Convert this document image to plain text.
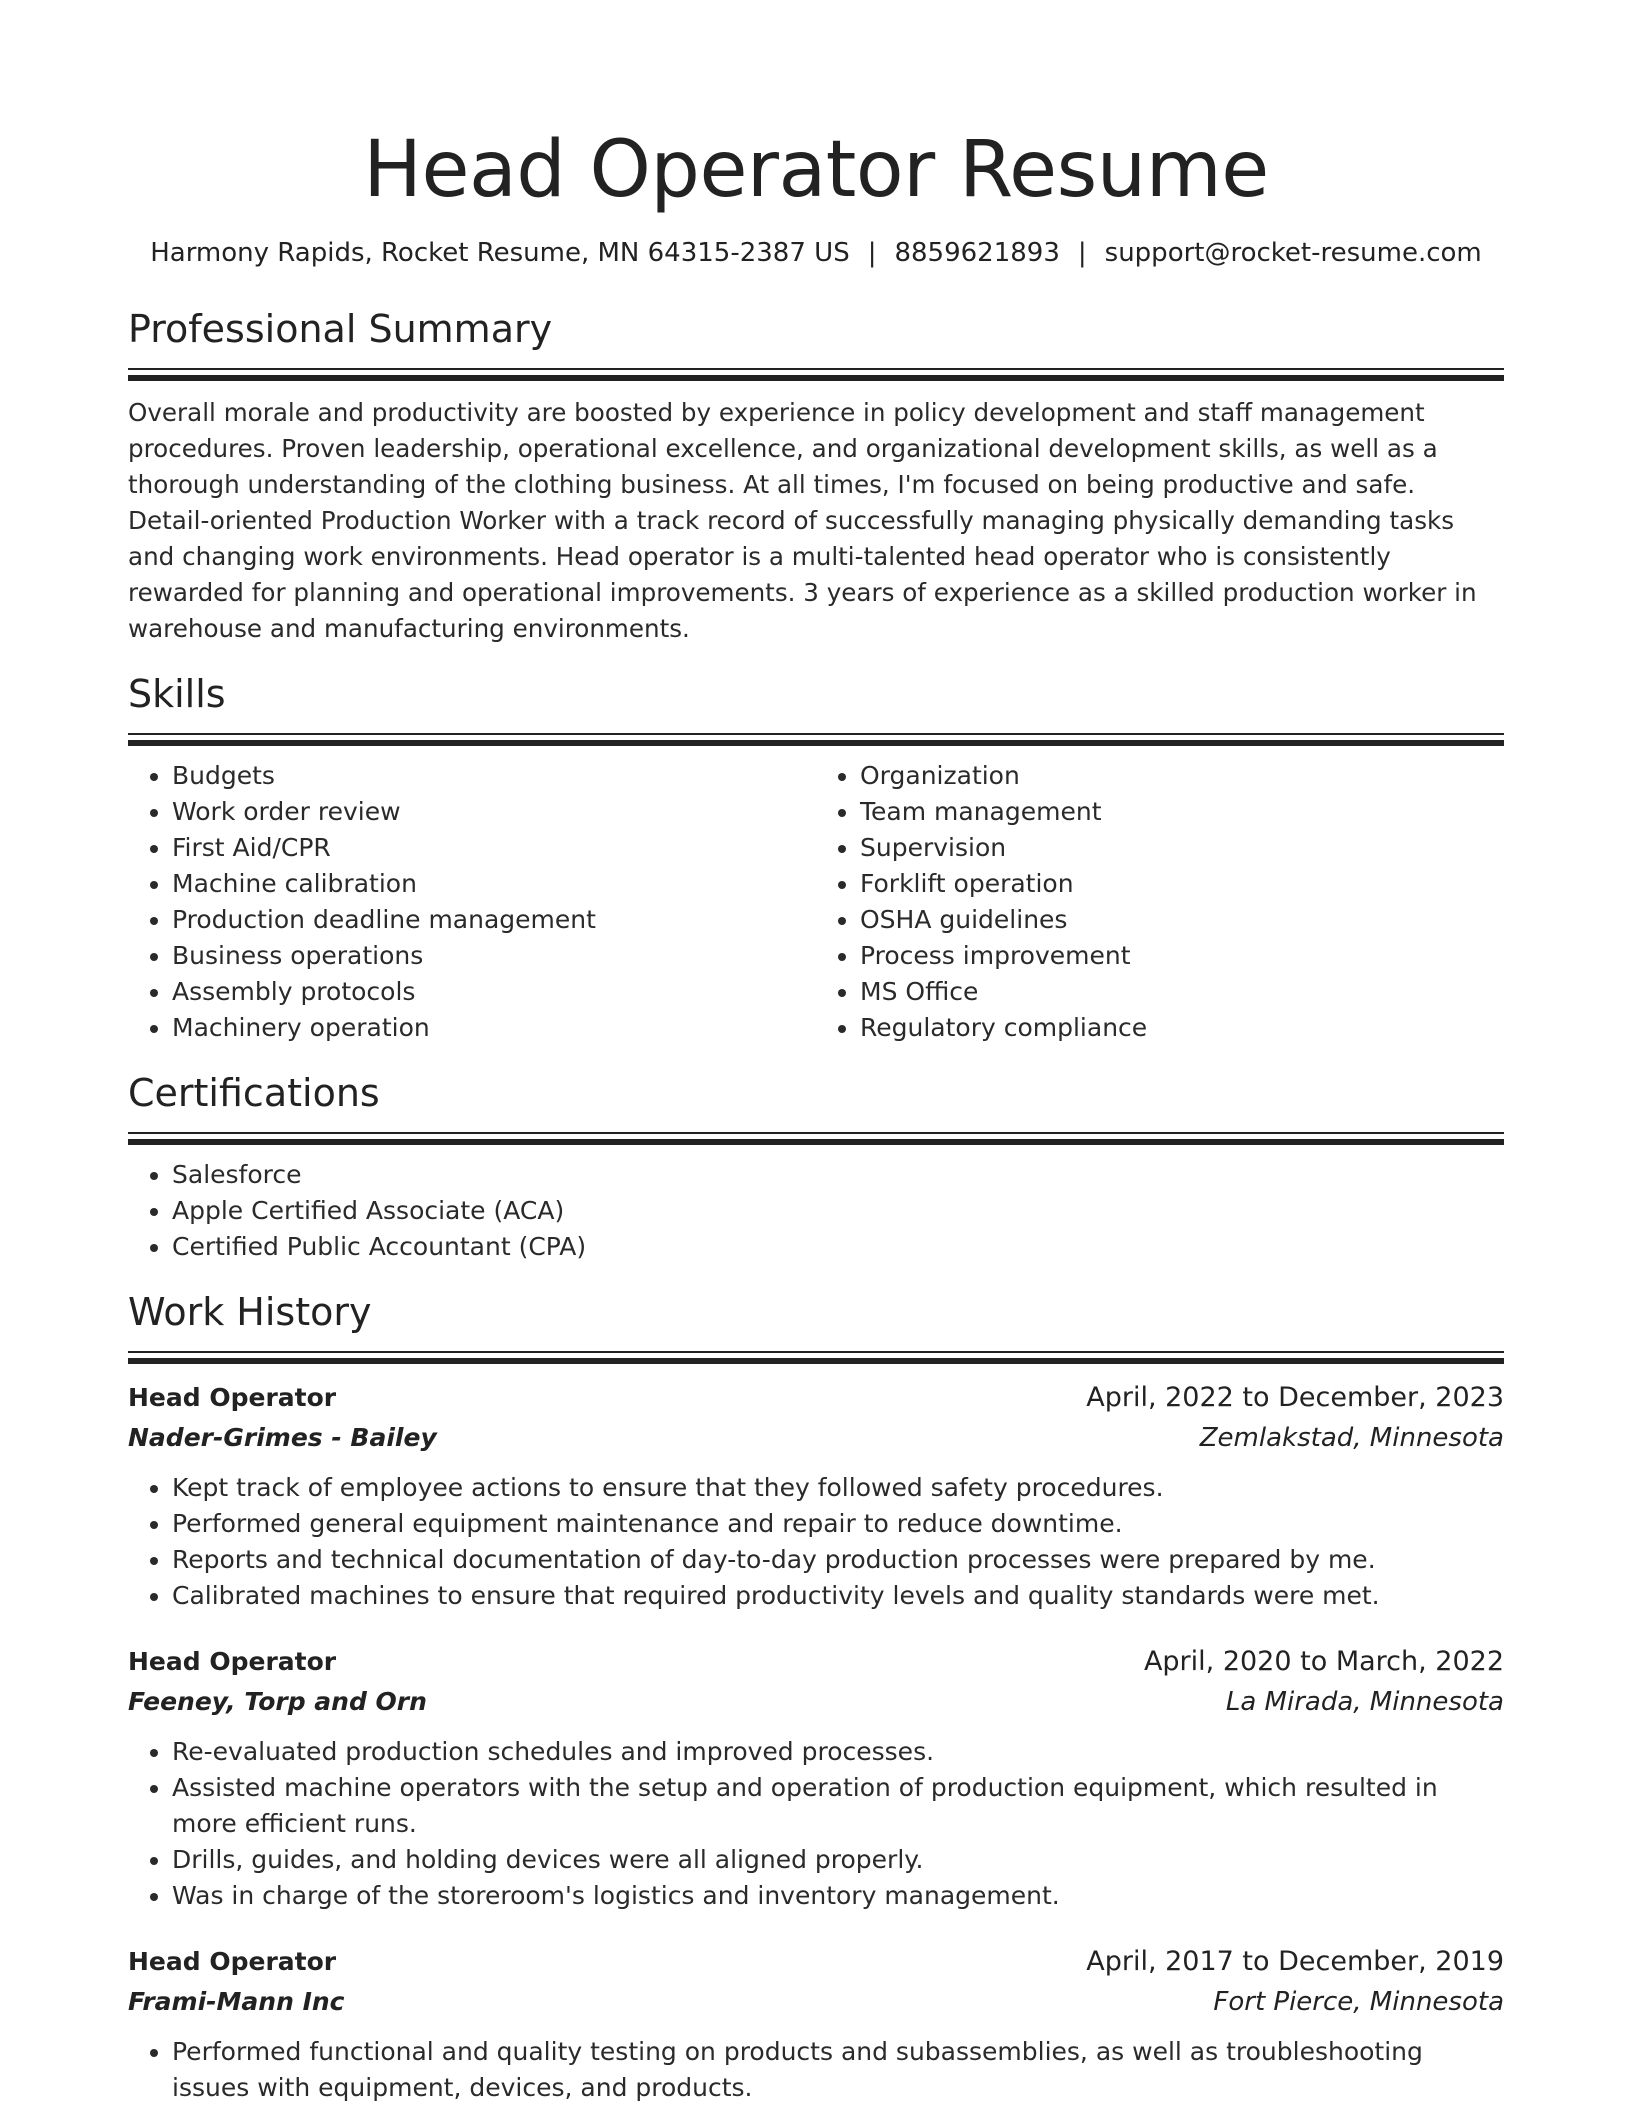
Head Operator Resume
Harmony Rapids, Rocket Resume, MN 64315-2387 US | 8859621893 | support@rocket-resume.com
Professional Summary
Overall morale and productivity are boosted by experience in policy development and staff management procedures. Proven leadership, operational excellence, and organizational development skills, as well as a thorough understanding of the clothing business. At all times, I'm focused on being productive and safe. Detail-oriented Production Worker with a track record of successfully managing physically demanding tasks and changing work environments. Head operator is a multi-talented head operator who is consistently rewarded for planning and operational improvements. 3 years of experience as a skilled production worker in warehouse and manufacturing environments.
Skills
• Budgets
• Work order review
• First Aid/CPR
• Machine calibration
• Production deadline management
• Business operations
• Assembly protocols
• Machinery operation
• Organization
• Team management
• Supervision
• Forklift operation
• OSHA guidelines
• Process improvement
• MS Office
• Regulatory compliance
Certifications
• Salesforce
• Apple Certified Associate (ACA)
• Certified Public Accountant (CPA)
Work History
Head Operator	April, 2022 to December, 2023
Nader-Grimes - Bailey	Zemlakstad, Minnesota
• Kept track of employee actions to ensure that they followed safety procedures.
• Performed general equipment maintenance and repair to reduce downtime.
• Reports and technical documentation of day-to-day production processes were prepared by me.
• Calibrated machines to ensure that required productivity levels and quality standards were met.
Head Operator	April, 2020 to March, 2022
Feeney, Torp and Orn	La Mirada, Minnesota
• Re-evaluated production schedules and improved processes.
• Assisted machine operators with the setup and operation of production equipment, which resulted in more efficient runs.
• Drills, guides, and holding devices were all aligned properly.
• Was in charge of the storeroom's logistics and inventory management.
Head Operator	April, 2017 to December, 2019
Frami-Mann Inc	Fort Pierce, Minnesota
• Performed functional and quality testing on products and subassemblies, as well as troubleshooting issues with equipment, devices, and products.
